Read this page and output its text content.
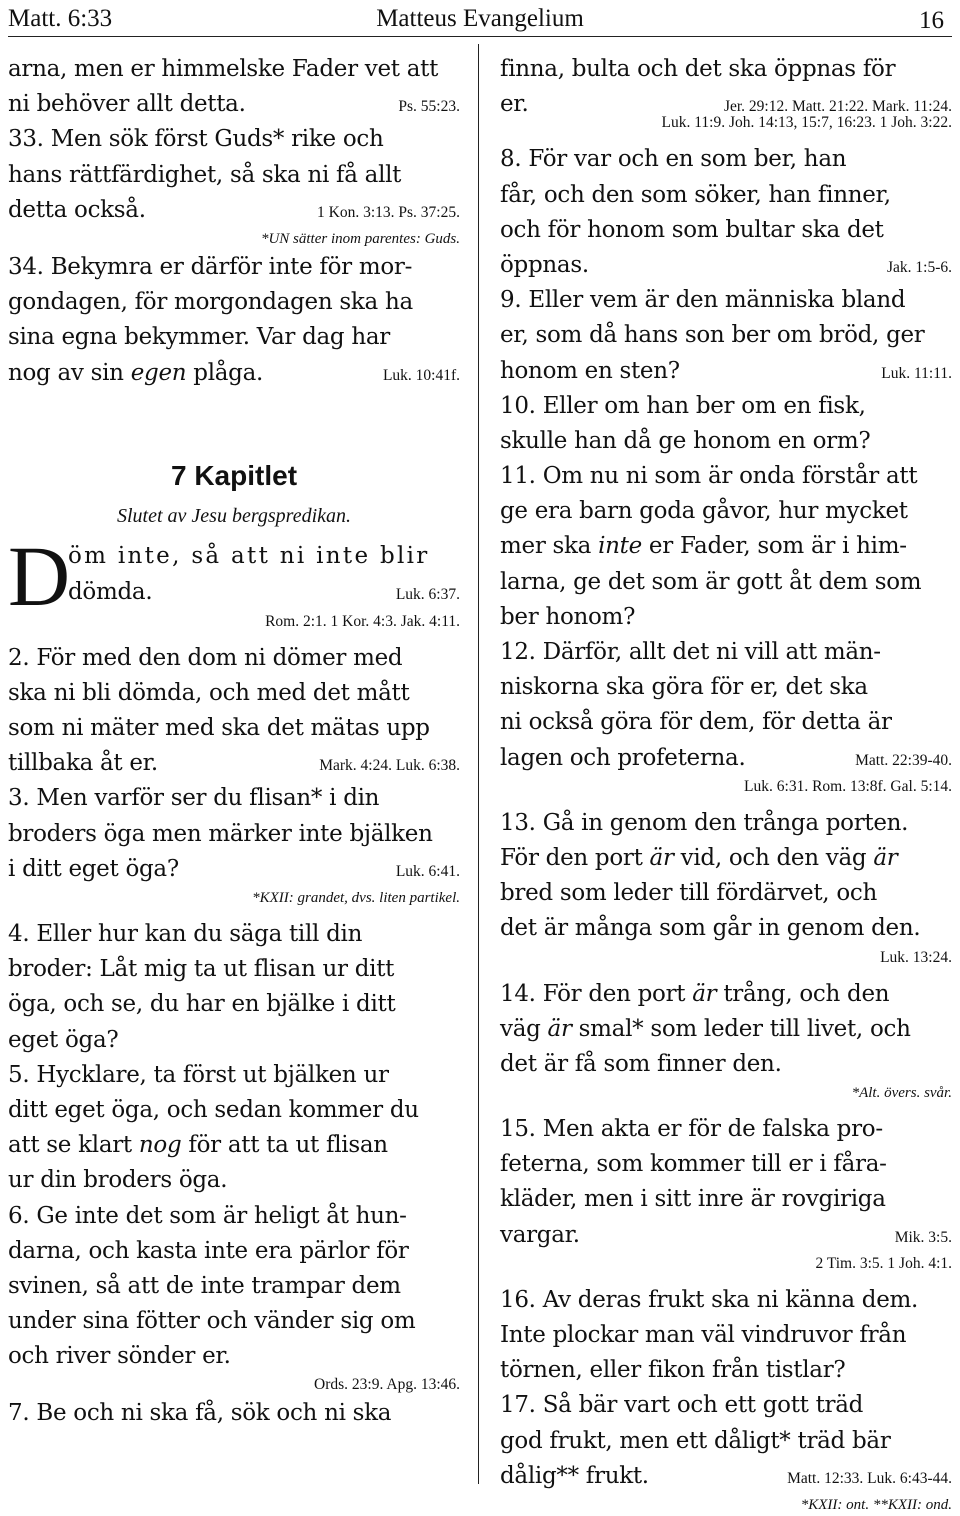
Matt. 6:33	Matteus Evangelium	16
arna, men er himmelske Fader vet att
ni behöver allt detta.	Ps. 55:23.
33. Men sök först Guds* rike och
hans rättfärdighet, så ska ni få allt
detta också.	1 Kon. 3:13. Ps. 37:25.
*UN sätter inom parentes: Guds.
34. Bekymra er därför inte för mor-
gondagen, för morgondagen ska ha
sina egna bekymmer. Var dag har
nog av sin egen plåga.	Luk. 10:41f.
7 Kapitlet
Slutet av Jesu bergspredikan.
D
öm inte, så att ni inte blir
dömda.	Luk. 6:37.
Rom. 2:1. 1 Kor. 4:3. Jak. 4:11.
2. För med den dom ni dömer med
ska ni bli dömda, och med det mått
som ni mäter med ska det mätas upp
tillbaka åt er.	Mark. 4:24. Luk. 6:38.
3. Men varför ser du flisan* i din
broders öga men märker inte bjälken
i ditt eget öga?	Luk. 6:41.
*KXII: grandet, dvs. liten partikel.
4. Eller hur kan du säga till din
broder: Låt mig ta ut flisan ur ditt
öga, och se, du har en bjälke i ditt
eget öga?
5. Hycklare, ta först ut bjälken ur
ditt eget öga, och sedan kommer du
att se klart nog för att ta ut flisan
ur din broders öga.
6. Ge inte det som är heligt åt hun-
darna, och kasta inte era pärlor för
svinen, så att de inte trampar dem
under sina fötter och vänder sig om
och river sönder er.
Ords. 23:9. Apg. 13:46.
7. Be och ni ska få, sök och ni ska
finna, bulta och det ska öppnas för
er.	Jer. 29:12. Matt. 21:22. Mark. 11:24.
Luk. 11:9. Joh. 14:13, 15:7, 16:23. 1 Joh. 3:22.
8. För var och en som ber, han
får, och den som söker, han finner,
och för honom som bultar ska det
öppnas.	Jak. 1:5-6.
9. Eller vem är den människa bland
er, som då hans son ber om bröd, ger
honom en sten?	Luk. 11:11.
10. Eller om han ber om en fisk,
skulle han då ge honom en orm?
11. Om nu ni som är onda förstår att
ge era barn goda gåvor, hur mycket
mer ska inte er Fader, som är i him-
larna, ge det som är gott åt dem som
ber honom?
12. Därför, allt det ni vill att män-
niskorna ska göra för er, det ska
ni också göra för dem, för detta är
lagen och profeterna.	Matt. 22:39-40.
Luk. 6:31. Rom. 13:8f. Gal. 5:14.
13. Gå in genom den trånga porten.
För den port är vid, och den väg är
bred som leder till fördärvet, och
det är många som går in genom den.
Luk. 13:24.
14. För den port är trång, och den
väg är smal* som leder till livet, och
det är få som finner den.
*Alt. övers. svår.
15. Men akta er för de falska pro-
feterna, som kommer till er i fåra-
kläder, men i sitt inre är rovgiriga
vargar.	Mik. 3:5.
2 Tim. 3:5. 1 Joh. 4:1.
16. Av deras frukt ska ni känna dem.
Inte plockar man väl vindruvor från
törnen, eller fikon från tistlar?
17. Så bär vart och ett gott träd
god frukt, men ett dåligt* träd bär
dålig** frukt.	Matt. 12:33. Luk. 6:43-44.
*KXII: ont. **KXII: ond.
